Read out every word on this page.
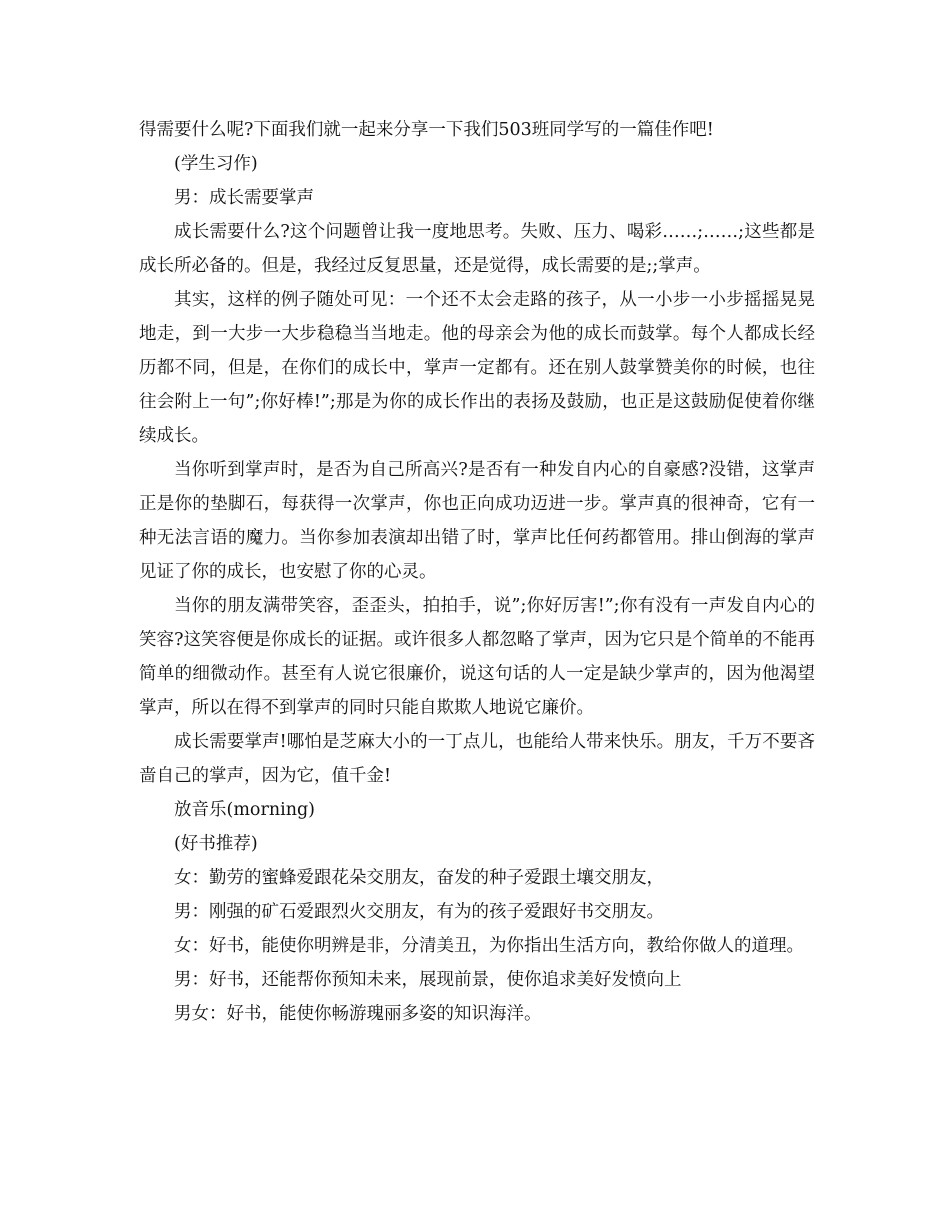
得需要什么呢?下面我们就一起来分享一下我们503班同学写的一篇佳作吧!

(学生习作)

男：成长需要掌声

成长需要什么?这个问题曾让我一度地思考。失败、压力、喝彩……;……;这些都是成长所必备的。但是，我经过反复思量，还是觉得，成长需要的是;;掌声。

其实，这样的例子随处可见：一个还不太会走路的孩子，从一小步一小步摇摇晃晃地走，到一大步一大步稳稳当当地走。他的母亲会为他的成长而鼓掌。每个人都成长经历都不同，但是，在你们的成长中，掌声一定都有。还在别人鼓掌赞美你的时候，也往往会附上一句”;你好棒!”;那是为你的成长作出的表扬及鼓励，也正是这鼓励促使着你继续成长。

当你听到掌声时，是否为自己所高兴?是否有一种发自内心的自豪感?没错，这掌声正是你的垫脚石，每获得一次掌声，你也正向成功迈进一步。掌声真的很神奇，它有一种无法言语的魔力。当你参加表演却出错了时，掌声比任何药都管用。排山倒海的掌声见证了你的成长，也安慰了你的心灵。

当你的朋友满带笑容，歪歪头，拍拍手，说”;你好厉害!”;你有没有一声发自内心的笑容?这笑容便是你成长的证据。或许很多人都忽略了掌声，因为它只是个简单的不能再简单的细微动作。甚至有人说它很廉价，说这句话的人一定是缺少掌声的，因为他渴望掌声，所以在得不到掌声的同时只能自欺欺人地说它廉价。

成长需要掌声!哪怕是芝麻大小的一丁点儿，也能给人带来快乐。朋友，千万不要吝啬自己的掌声，因为它，值千金!

放音乐(morning)

(好书推荐)

女：勤劳的蜜蜂爱跟花朵交朋友，奋发的种子爱跟土壤交朋友，

男：刚强的矿石爱跟烈火交朋友，有为的孩子爱跟好书交朋友。

女：好书，能使你明辨是非，分清美丑，为你指出生活方向，教给你做人的道理。

男：好书，还能帮你预知未来，展现前景，使你追求美好发愤向上

男女：好书，能使你畅游瑰丽多姿的知识海洋。
